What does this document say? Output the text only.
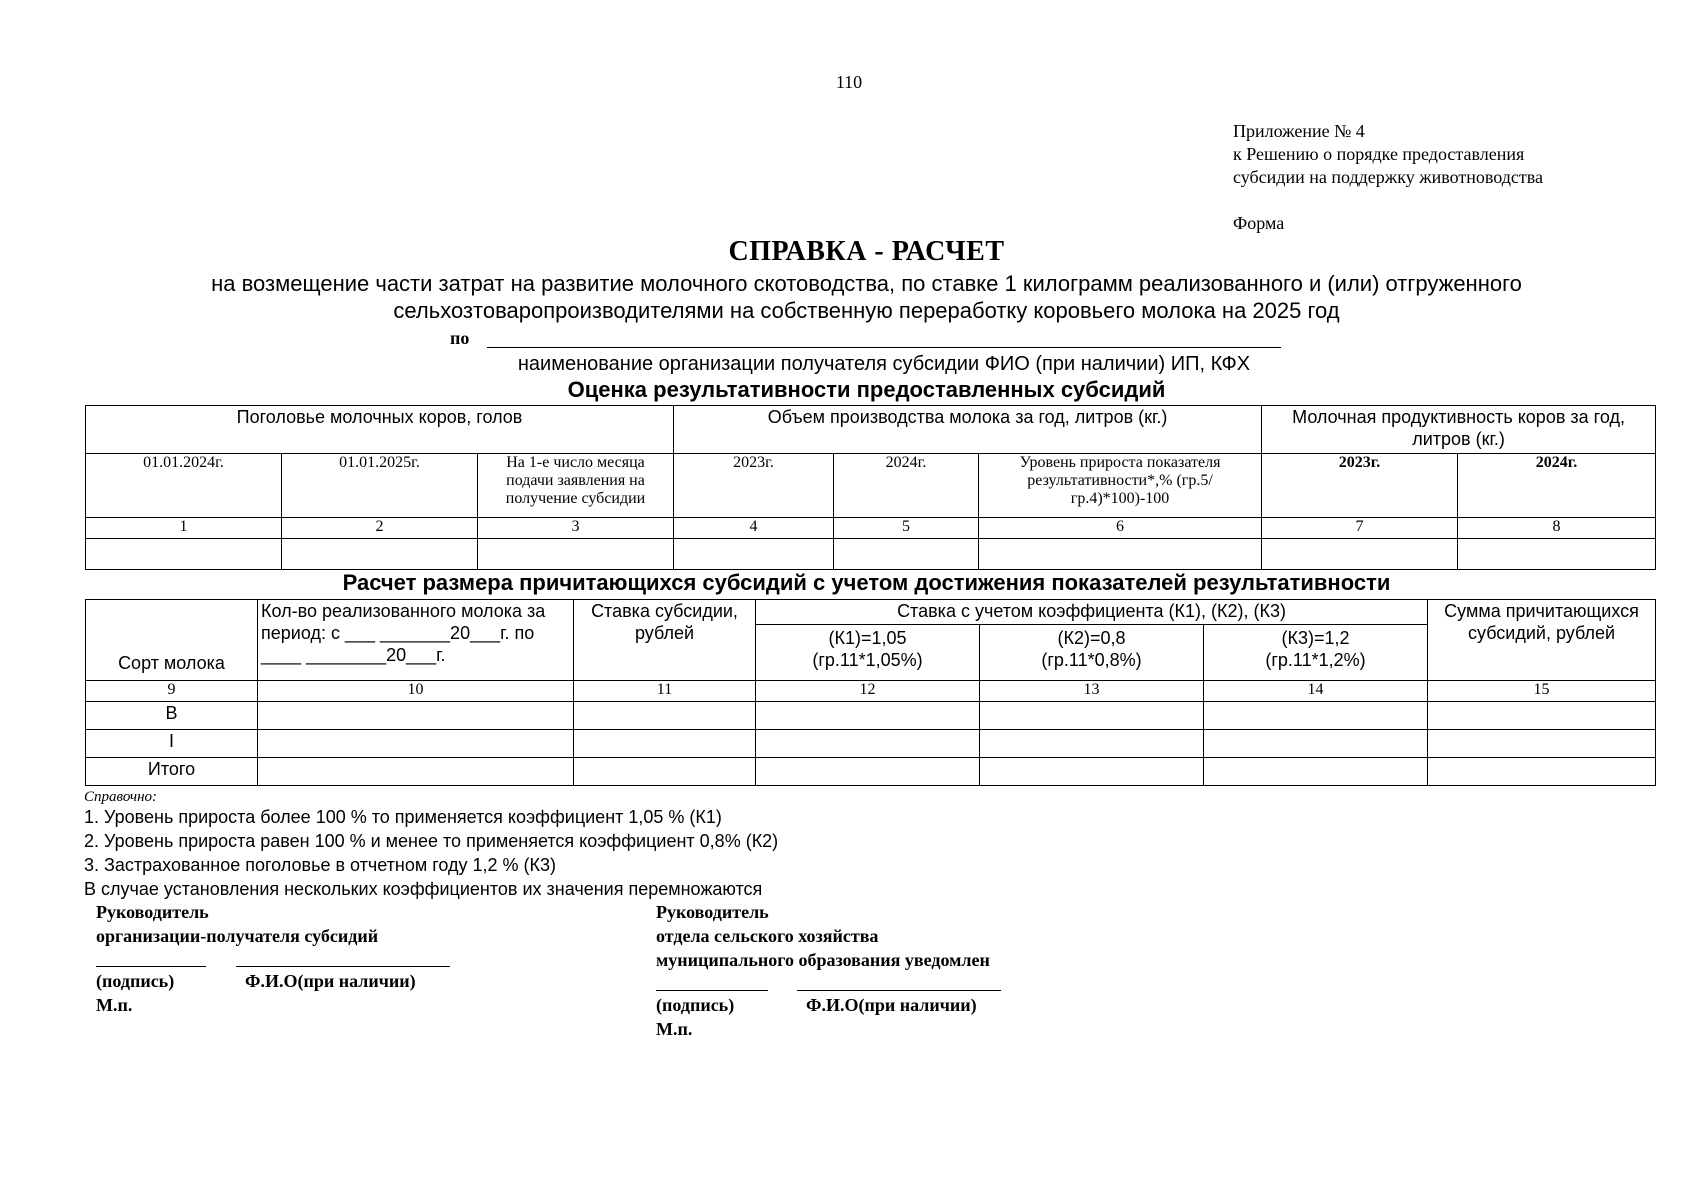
110
Приложение № 4
к Решению о порядке предоставления
субсидии на поддержку животноводства
Форма
СПРАВКА - РАСЧЕТ
на возмещение части затрат на развитие молочного скотоводства, по ставке 1 килограмм реализованного и (или) отгруженного
сельхозтоваропроизводителями на собственную переработку коровьего молока на 2025 год
по
наименование организации получателя субсидии ФИО (при наличии) ИП, КФХ
Оценка результативности предоставленных субсидий
Поголовье молочных коров, голов			Объем производства молока за год, литров (кг.)			Молочная продуктивность коров за год, литров (кг.)	
01.01.2024г.	01.01.2025г.	На 1-е число месяца подачи заявления на получение субсидии	2023г.	2024г.	Уровень прироста показателя результативности*,% (гр.5/гр.4)*100)-100	2023г.	2024г.
1	2	3	4	5	6	7	8

Расчет размера причитающихся субсидий с учетом достижения показателей результативности
Сорт молока	Кол-во реализованного молока за период: с ___ _______20___г. по ____ ________20___г.	Ставка субсидии, рублей	Ставка с учетом коэффициента (К1), (К2), (К3)			Сумма причитающихся субсидий, рублей
			(К1)=1,05 (гр.11*1,05%)	(К2)=0,8 (гр.11*0,8%)	(К3)=1,2 (гр.11*1,2%)	
9	10	11	12	13	14	15
В						
I						
Итого						
Справочно:
1. Уровень прироста более 100 % то применяется коэффициент 1,05 % (К1)
2. Уровень прироста равен 100 % и менее то применяется коэффициент 0,8% (К2)
3. Застрахованное поголовье в отчетном году 1,2 % (К3)
В случае установления нескольких коэффициентов их значения перемножаются
Руководитель
организации-получателя субсидий
(подпись)	Ф.И.О(при наличии)
М.п.
Руководитель
отдела сельского хозяйства
муниципального образования уведомлен
(подпись)	Ф.И.О(при наличии)
М.п.
